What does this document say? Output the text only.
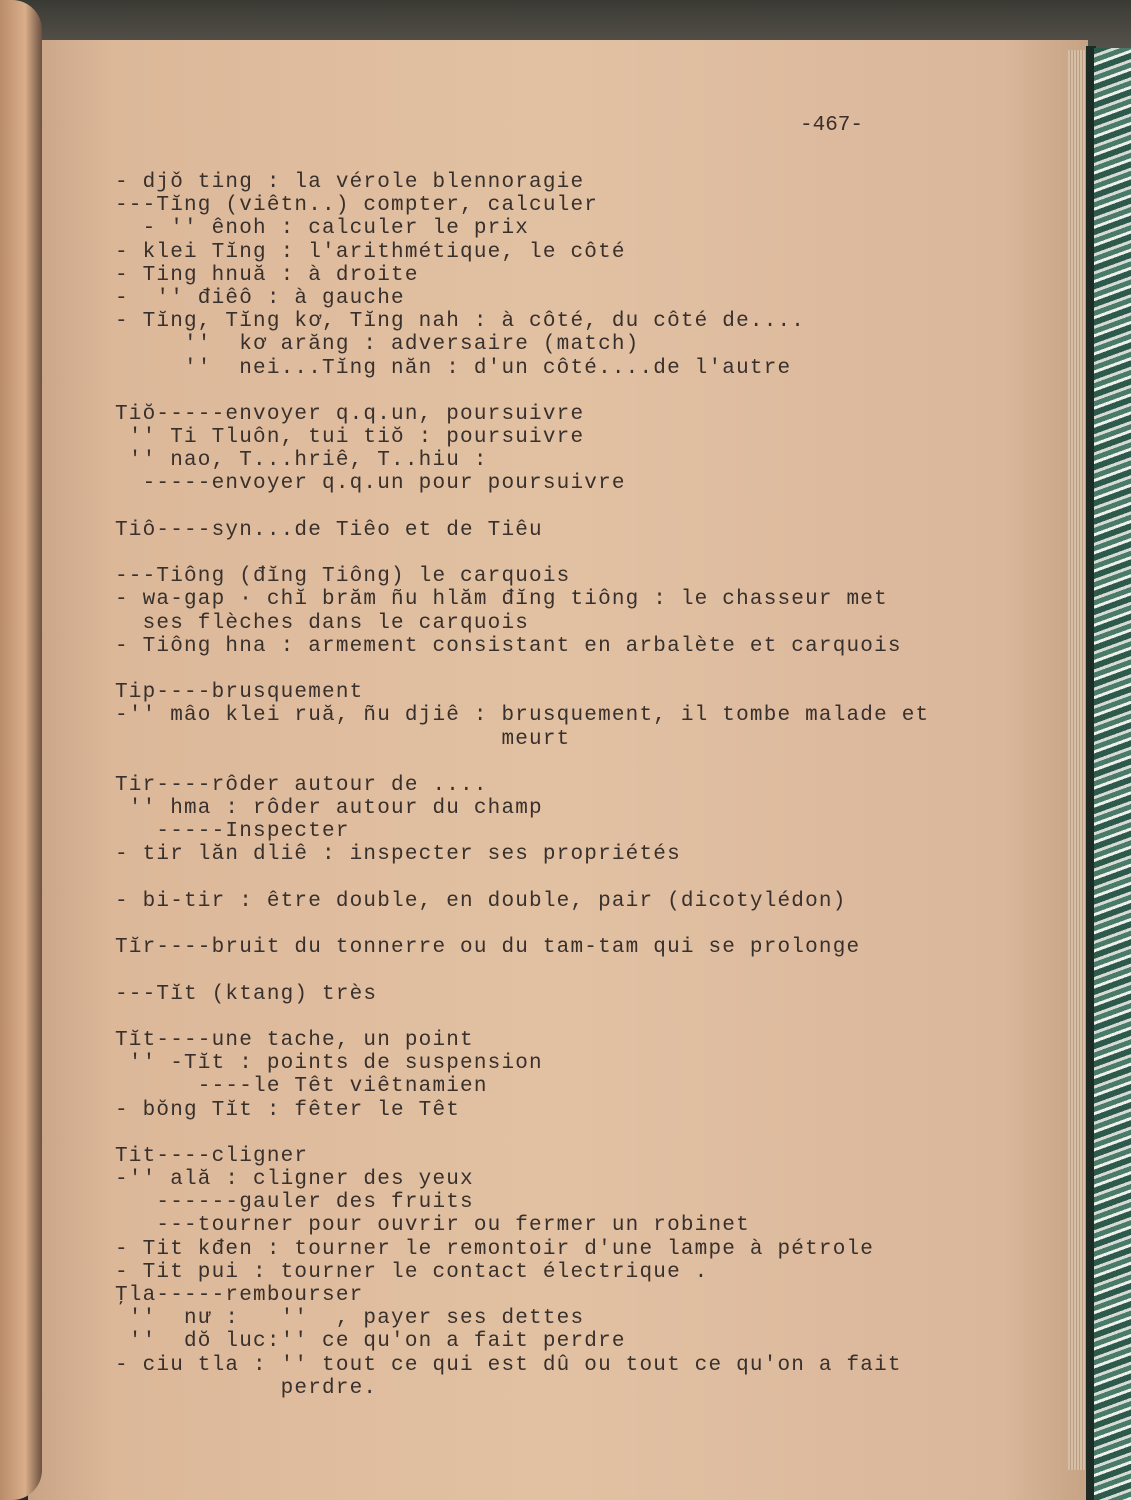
-467-
- djǒ ting : la vérole blennoragie
---Tĭng (viêtn..) compter, calculer
- '' ênoh : calculer le prix
- klei Tĭng : l'arithmétique, le côté
- Ting hnuă : à droite
-  '' điêô : à gauche
- Tĭng, Tĭng kơ, Tĭng nah : à côté, du côté de....
''  kơ arăng : adversaire (match)
''  nei...Tĭng năn : d'un côté....de l'autre
Tiŏ-----envoyer q.q.un, poursuivre
'' Ti Tluôn, tui tiŏ : poursuivre
'' nao, T...hriê, T..hiu :
-----envoyer q.q.un pour poursuivre
Tiô----syn...de Tiêo et de Tiêu
---Tiông (đĭng Tiông) le carquois
- wa-gap · chĭ brăm ñu hlăm đĭng tiông : le chasseur met
ses flèches dans le carquois
- Tiông hna : armement consistant en arbalète et carquois
Tip----brusquement
-'' mâo klei ruă, ñu djiê : brusquement, il tombe malade et
meurt
Tir----rôder autour de ....
'' hma : rôder autour du champ
-----Inspecter
- tir lăn dliê : inspecter ses propriétés
- bi-tir : être double, en double, pair (dicotylédon)
Tĭr----bruit du tonnerre ou du tam-tam qui se prolonge
---Tĭt (ktang) très
Tĭt----une tache, un point
'' -Tĭt : points de suspension
----le Têt viêtnamien
- bŏng Tĭt : fêter le Têt
Tit----cligner
-'' ală : cligner des yeux
------gauler des fruits
---tourner pour ouvrir ou fermer un robinet
- Tit kđen : tourner le remontoir d'une lampe à pétrole
- Tit pui : tourner le contact électrique .
Ţla-----rembourser
''  nư :   ''  , payer ses dettes
''  dŏ luc:'' ce qu'on a fait perdre
- ciu tla : '' tout ce qui est dû ou tout ce qu'on a fait
perdre.
